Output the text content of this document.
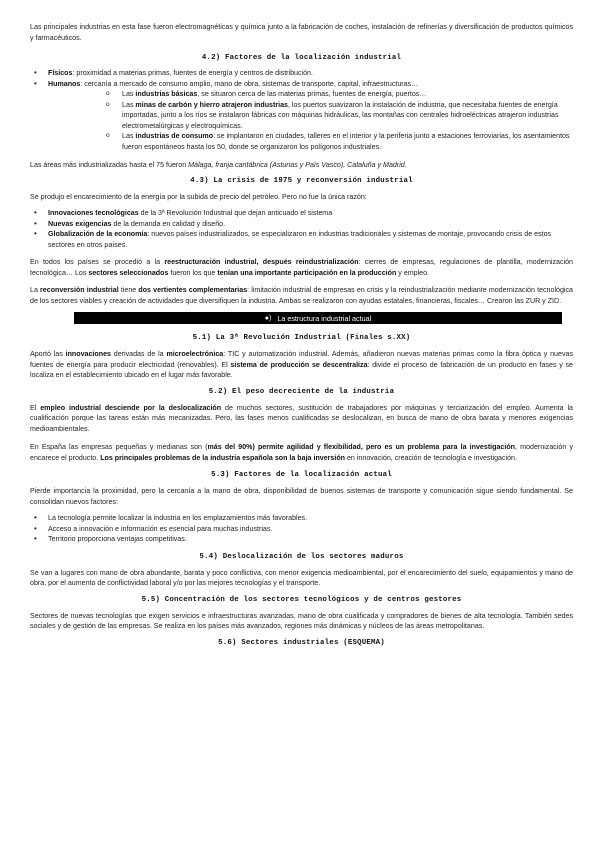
Las principales industrias en esta fase fueron electromagnéticas y química junto a la fabricación de coches, instalación de refinerías y diversificación de productos químicos y farmacéuticos.

4.2) Factores de la localización industrial
• Físicos: proximidad a materias primas, fuentes de energía y centros de distribución.
• Humanos: cercanía a mercado de consumo amplio, mano de obra, sistemas de transporte, capital, infraestructuras…
o Las industrias básicas, se situaron cerca de las materias primas, fuentes de energía, puertos…
o Las minas de carbón y hierro atrajeron industrias, los puertos suavizaron la instalación de industria, que necesitaba fuentes de energía importadas, junto a los ríos se instalaron fábricas con máquinas hidráulicas, las montañas con centrales hidroeléctricas atrajeron industrias electrometalúrgicas y electroquímicas.
o Las industrias de consumo: se implantaron en ciudades, talleres en el interior y la periferia junto a estaciones ferroviarias, los asentamientos fueron espontáneos hasta los 50, donde se organizaron los polígonos industriales.

Las áreas más industrializadas hasta el 75 fueron Málaga, franja cantábrica (Asturias y País Vasco), Cataluña y Madrid.

4.3) La crisis de 1975 y reconversión industrial

Se produjo el encarecimiento de la energía por la subida de precio del petróleo. Pero no fue la única razón:

• Innovaciones tecnológicas de la 3ª Revolución Industrial que dejan anticuado el sistema
• Nuevas exigencias de la demanda en calidad y diseño.
• Globalización de la economía: nuevos países industrializados, se especializaron en industrias tradicionales y sistemas de montaje, provocando crisis de estos sectores en otros países.

En todos los países se procedió a la reestructuración industrial, después reindustrialización: cierres de empresas, regulaciones de plantilla, modernización tecnológica… Los sectores seleccionados fueron los que tenían una importante participación en la producción y empleo.

La reconversión industrial tiene dos vertientes complementarias: limitación industrial de empresas en crisis y la reindustrialización mediante modernización tecnológica de los sectores viables y creación de actividades que diversifiquen la industria. Ambas se realizaron con ayudas estatales, financieras, fiscales… Crearon las ZUR y ZID.

●) La estructura industrial actual
5.1) La 3ª Revolución Industrial (Finales s.XX)

Aportó las innovaciones derivadas de la microelectrónica: TIC y automatización industrial. Además, añadieron nuevas materias primas como la fibra óptica y nuevas fuentes de energía para producir electricidad (renovables). El sistema de producción se descentraliza: divide el proceso de fabricación de un producto en fases y se localiza en el establecimiento ubicado en el lugar más favorable.

5.2) El peso decreciente de la industria

El empleo industrial desciende por la deslocalización de muchos sectores, sustitución de trabajadores por máquinas y terciarización del empleo. Aumenta la cualificación porque las tareas están más mecanizadas. Pero, las fases menos cualificadas se deslocalizan, en busca de mano de obra barata y menores exigencias medioambientales.

En España las empresas pequeñas y medianas son (más del 90%) permite agilidad y flexibilidad, pero es un problema para la investigación, modernización y encarece el producto. Los principales problemas de la industria española son la baja inversión en innovación, creación de tecnología e investigación.

5.3) Factores de la localización actual

Pierde importancia la proximidad, pero la cercanía a la mano de obra, disponibilidad de buenos sistemas de transporte y comunicación sigue siendo fundamental. Se consolidan nuevos factores:

• La tecnología permite localizar la industria en los emplazamientos más favorables.
• Acceso a innovación e información es esencial para muchas industrias.
• Territorio proporciona ventajas competitivas.
5.4) Deslocalización de los sectores maduros

Se van a lugares con mano de obra abundante, barata y poco conflictiva, con menor exigencia medioambiental, por el encarecimiento del suelo, equipamientos y mano de obra, por el aumento de conflictividad laboral y/o por las mejores tecnologías y el transporte.

5.5) Concentración de los sectores tecnológicos y de centros gestores

Sectores de nuevas tecnologías que exigen servicios e infraestructuras avanzadas, mano de obra cualificada y compradores de bienes de alta tecnología. También sedes sociales y de gestión de las empresas. Se realiza en los países más avanzados, regiones más dinámicas y núcleos de las áreas metropolitanas.

5.6) Sectores industriales (ESQUEMA)
